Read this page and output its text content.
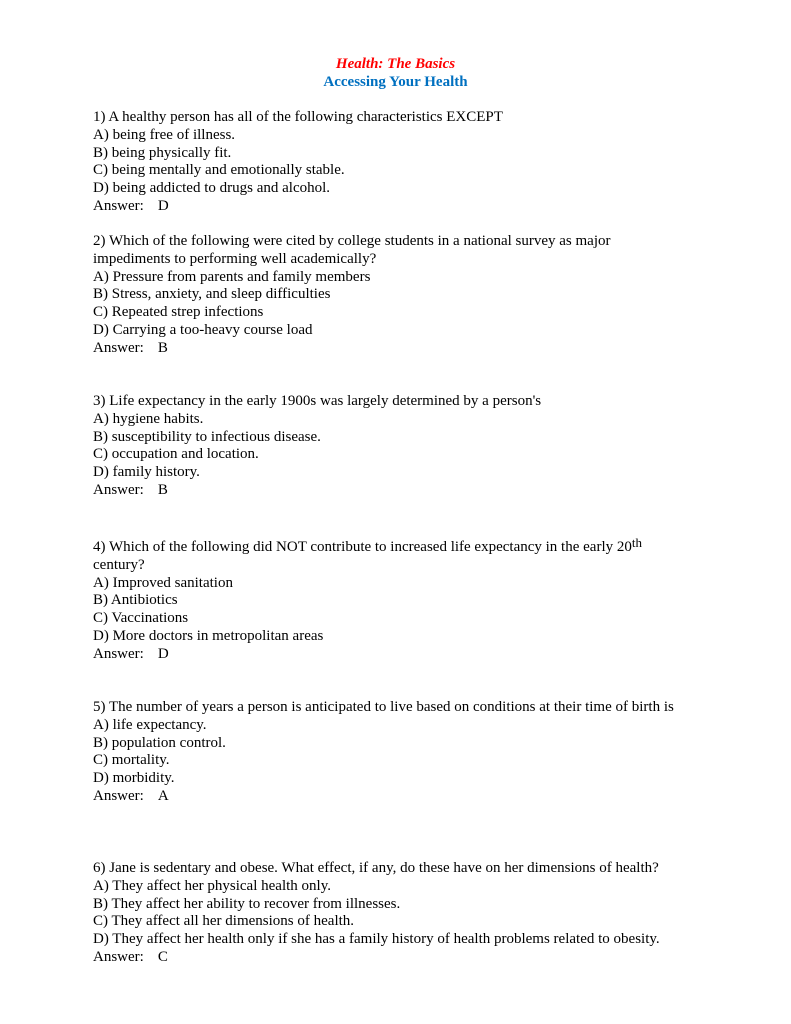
Health: The Basics
Accessing Your Health
1) A healthy person has all of the following characteristics EXCEPT
A) being free of illness.
B) being physically fit.
C) being mentally and emotionally stable.
D) being addicted to drugs and alcohol.
Answer: D
2) Which of the following were cited by college students in a national survey as major
impediments to performing well academically?
A) Pressure from parents and family members
B) Stress, anxiety, and sleep difficulties
C) Repeated strep infections
D) Carrying a too-heavy course load
Answer: B
3) Life expectancy in the early 1900s was largely determined by a person's
A) hygiene habits.
B) susceptibility to infectious disease.
C) occupation and location.
D) family history.
Answer: B
4) Which of the following did NOT contribute to increased life expectancy in the early 20th
century?
A) Improved sanitation
B) Antibiotics
C) Vaccinations
D) More doctors in metropolitan areas
Answer: D
5) The number of years a person is anticipated to live based on conditions at their time of birth is
A) life expectancy.
B) population control.
C) mortality.
D) morbidity.
Answer: A
6) Jane is sedentary and obese. What effect, if any, do these have on her dimensions of health?
A) They affect her physical health only.
B) They affect her ability to recover from illnesses.
C) They affect all her dimensions of health.
D) They affect her health only if she has a family history of health problems related to obesity.
Answer: C
